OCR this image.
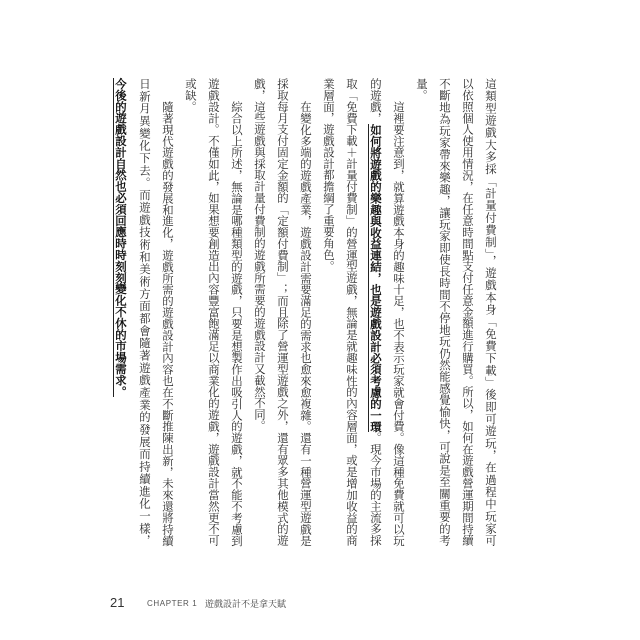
這類型遊戲大多採「計量付費制」，遊戲本身「免費下載」後即可遊玩，在過程中玩家可
以依照個人使用情況，在任意時間點支付任意金額進行購買。所以，如何在遊戲營運期間持續
不斷地為玩家帶來樂趣，讓玩家即使長時間不停地玩仍然能感覺愉快，可說是至關重要的考
量。
這裡要注意到，就算遊戲本身的趣味十足，也不表示玩家就會付費。像這種免費就可以玩
的遊戲，如何將遊戲的樂趣與收益連結，也是遊戲設計必須考慮的一環。現今市場的主流多採
取「免費下載＋計量付費制」的營運型遊戲，無論是就趣味性的內容層面，或是增加收益的商
業層面，遊戲設計都擔綱了重要角色。
在變化多端的遊戲產業，遊戲設計需要滿足的需求也愈來愈複雜。還有一種營運型遊戲是
採取每月支付固定金額的「定額付費制」；而且除了營運型遊戲之外，還有眾多其他模式的遊
戲，這些遊戲與採取計量付費制的遊戲所需要的遊戲設計又截然不同。
綜合以上所述，無論是哪種類型的遊戲，只要是想製作出吸引人的遊戲，就不能不考慮到
遊戲設計。不僅如此，如果想要創造出內容豐富飽滿足以商業化的遊戲，遊戲設計當然更不可
或缺。
隨著現代遊戲的發展和進化，遊戲所需的遊戲設計內容也在不斷推陳出新，未來還將持續
日新月異變化下去。而遊戲技術和美術方面都會隨著遊戲產業的發展而持續進化一樣，
今後的遊戲設計自然也必須回應時時刻刻變化不休的市場需求。
21	CHAPTER 1 遊戲設計不是拿天賦
